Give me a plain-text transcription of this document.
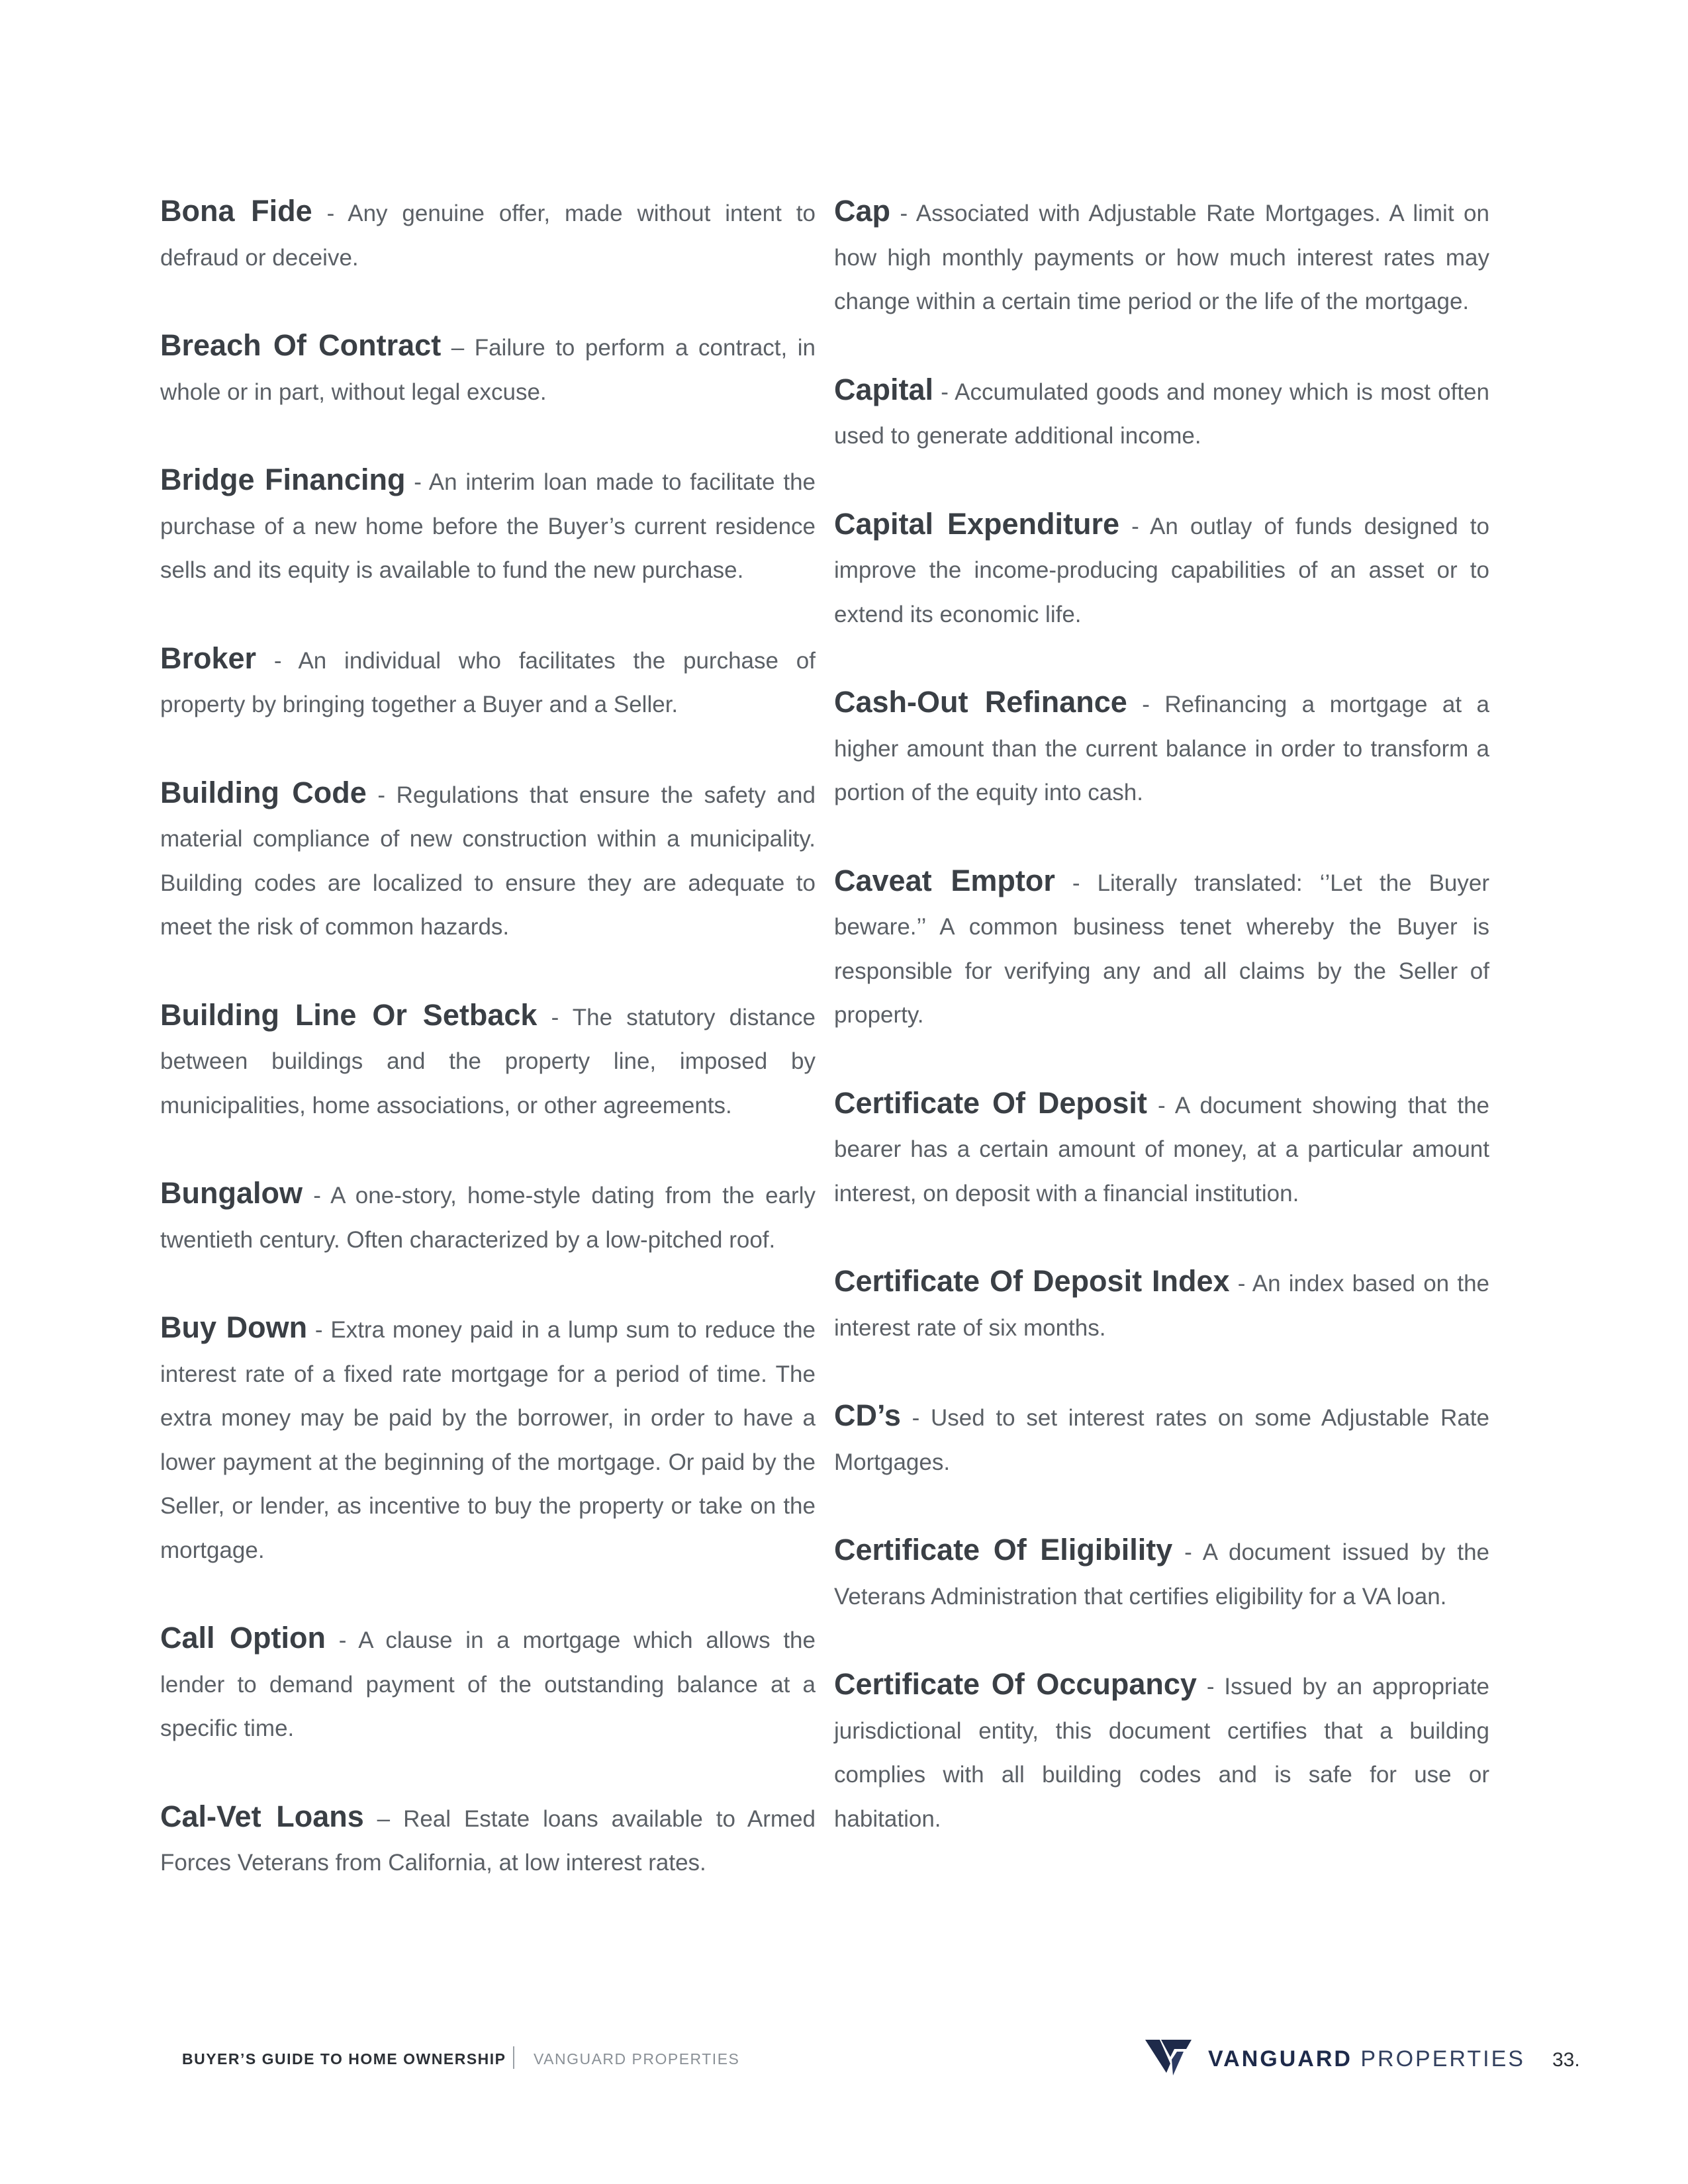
Bona Fide - Any genuine offer, made without intent to defraud or deceive.

Breach Of Contract – Failure to perform a contract, in whole or in part, without legal excuse.

Bridge Financing - An interim loan made to facilitate the purchase of a new home before the Buyer’s current residence sells and its equity is available to fund the new purchase.

Broker - An individual who facilitates the purchase of property by bringing together a Buyer and a Seller.

Building Code - Regulations that ensure the safety and material compliance of new construction within a municipality. Building codes are localized to ensure they are adequate to meet the risk of common hazards.

Building Line Or Setback - The statutory distance between buildings and the property line, imposed by municipalities, home associations, or other agreements.

Bungalow - A one-story, home-style dating from the early twentieth century. Often characterized by a low-pitched roof.

Buy Down - Extra money paid in a lump sum to reduce the interest rate of a fixed rate mortgage for a period of time. The extra money may be paid by the borrower, in order to have a lower payment at the beginning of the mortgage. Or paid by the Seller, or lender, as incentive to buy the property or take on the mortgage.

Call Option - A clause in a mortgage which allows the lender to demand payment of the outstanding balance at a specific time.

Cal-Vet Loans – Real Estate loans available to Armed Forces Veterans from California, at low interest rates.

Cap - Associated with Adjustable Rate Mortgages. A limit on how high monthly payments or how much interest rates may change within a certain time period or the life of the mortgage.

Capital - Accumulated goods and money which is most often used to generate additional income.

Capital Expenditure - An outlay of funds designed to improve the income-producing capabilities of an asset or to extend its economic life.

Cash-Out Refinance - Refinancing a mortgage at a higher amount than the current balance in order to transform a portion of the equity into cash.

Caveat Emptor - Literally translated: ‘’Let the Buyer beware.’’ A common business tenet whereby the Buyer is responsible for verifying any and all claims by the Seller of property.

Certificate Of Deposit - A document showing that the bearer has a certain amount of money, at a particular amount interest, on deposit with a financial institution.

Certificate Of Deposit Index - An index based on the interest rate of six months.

CD’s - Used to set interest rates on some Adjustable Rate Mortgages.

Certificate Of Eligibility - A document issued by the Veterans Administration that certifies eligibility for a VA loan.

Certificate Of Occupancy - Issued by an appropriate jurisdictional entity, this document certifies that a building complies with all building codes and is safe for use or habitation.

BUYER’S GUIDE TO HOME OWNERSHIP VANGUARD PROPERTIES	VANGUARD PROPERTIES 33.
